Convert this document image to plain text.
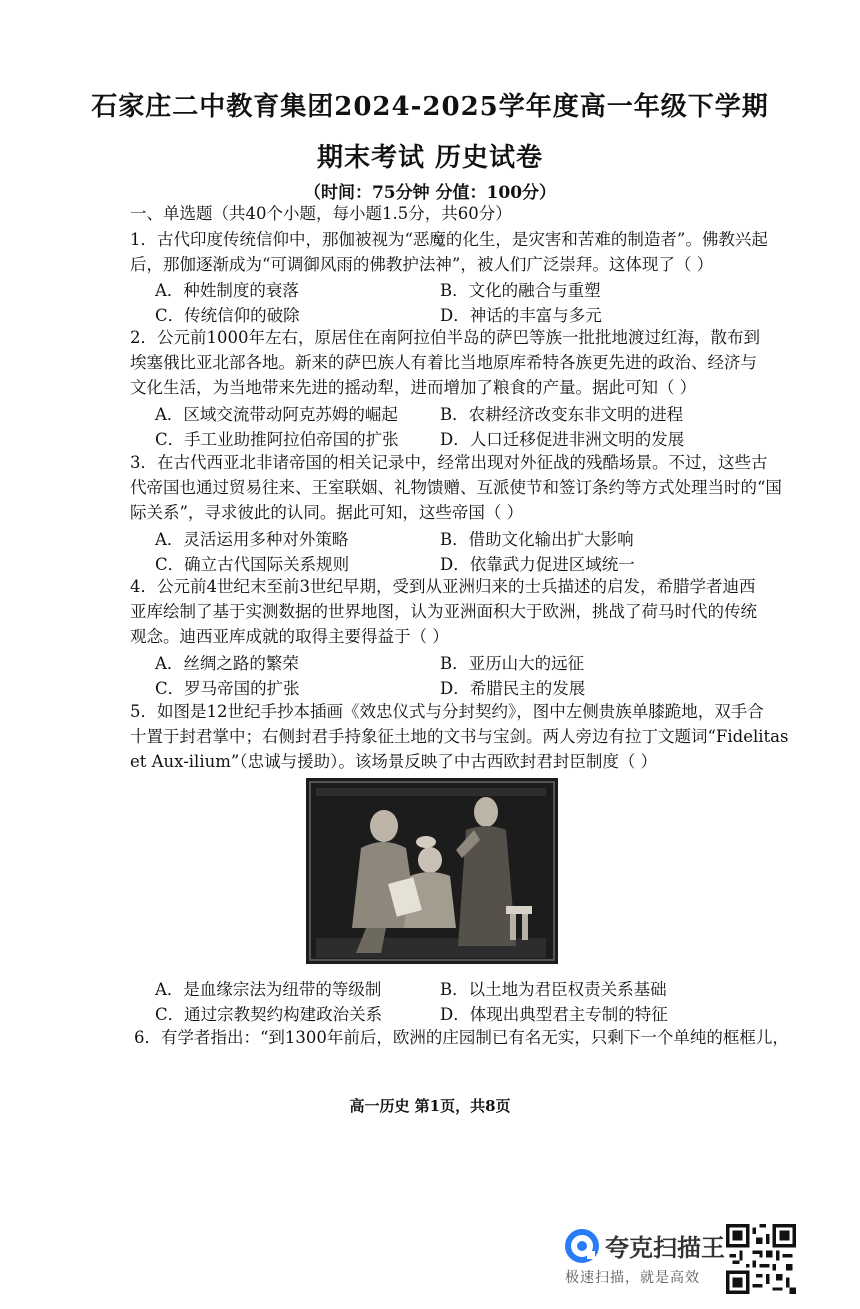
石家庄二中教育集团2024-2025学年度高一年级下学期
期末考试 历史试卷
（时间：75分钟 分值：100分）
一、单选题（共40个小题，每小题1.5分，共60分）
1．古代印度传统信仰中，那伽被视为“恶魔的化生，是灾害和苦难的制造者”。佛教兴起
后，那伽逐渐成为“可调御风雨的佛教护法神”，被人们广泛崇拜。这体现了（ ）
A．种姓制度的衰落	B．文化的融合与重塑
C．传统信仰的破除	D．神话的丰富与多元
2．公元前1000年左右，原居住在南阿拉伯半岛的萨巴等族一批批地渡过红海，散布到
埃塞俄比亚北部各地。新来的萨巴族人有着比当地原库希特各族更先进的政治、经济与
文化生活，为当地带来先进的摇动犁，进而增加了粮食的产量。据此可知（ ）
A．区域交流带动阿克苏姆的崛起	B．农耕经济改变东非文明的进程
C．手工业助推阿拉伯帝国的扩张	D．人口迁移促进非洲文明的发展
3．在古代西亚北非诸帝国的相关记录中，经常出现对外征战的残酷场景。不过，这些古
代帝国也通过贸易往来、王室联姻、礼物馈赠、互派使节和签订条约等方式处理当时的“国
际关系”，寻求彼此的认同。据此可知，这些帝国（ ）
A．灵活运用多种对外策略	B．借助文化输出扩大影响
C．确立古代国际关系规则	D．依靠武力促进区域统一
4．公元前4世纪末至前3世纪早期，受到从亚洲归来的士兵描述的启发，希腊学者迪西
亚库绘制了基于实测数据的世界地图，认为亚洲面积大于欧洲，挑战了荷马时代的传统
观念。迪西亚库成就的取得主要得益于（ ）
A．丝绸之路的繁荣	B．亚历山大的远征
C．罗马帝国的扩张	D．希腊民主的发展
5．如图是12世纪手抄本插画《效忠仪式与分封契约》，图中左侧贵族单膝跪地，双手合
十置于封君掌中；右侧封君手持象征土地的文书与宝剑。两人旁边有拉丁文题词“Fidelitas
et Aux-ilium”（忠诚与援助）。该场景反映了中古西欧封君封臣制度（ ）
A．是血缘宗法为纽带的等级制	B．以土地为君臣权责关系基础
C．通过宗教契约构建政治关系	D．体现出典型君主专制的特征
6．有学者指出：“到1300年前后，欧洲的庄园制已有名无实，只剩下一个单纯的框框儿，
高一历史 第1页，共8页
夸克扫描王
极速扫描，就是高效
